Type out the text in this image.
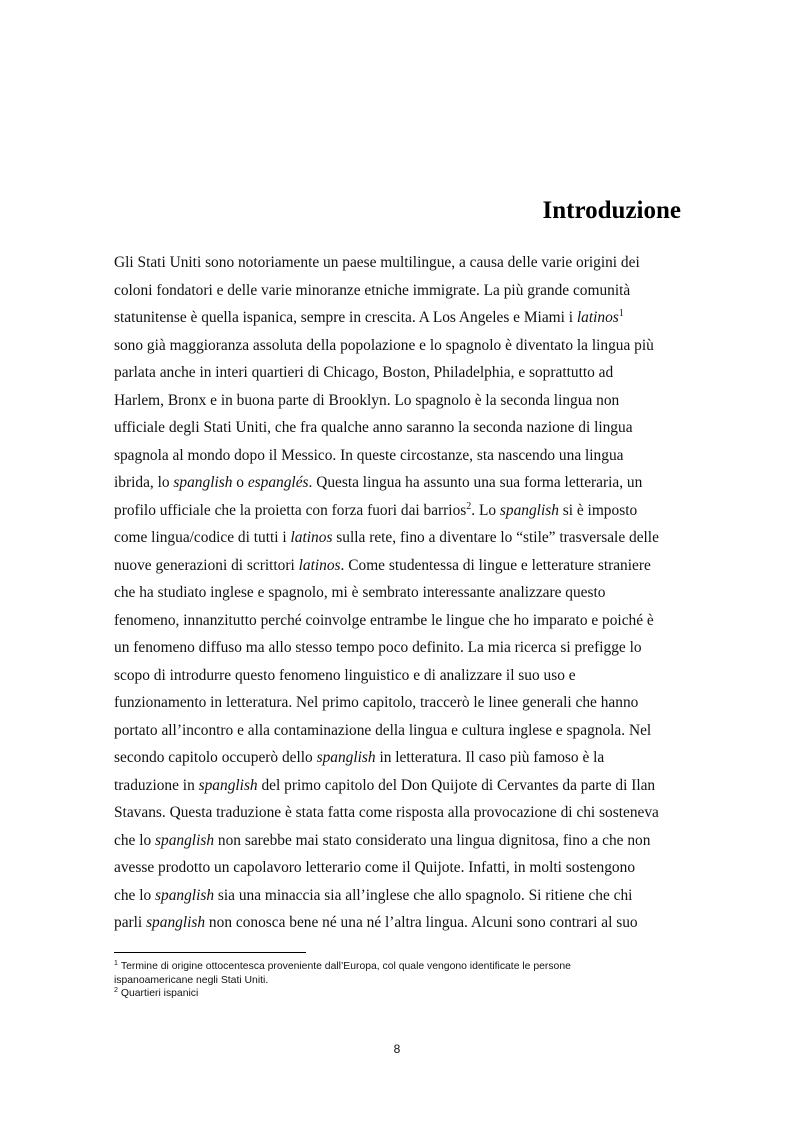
Introduzione
Gli Stati Uniti sono notoriamente un paese multilingue, a causa delle varie origini dei
coloni fondatori e delle varie minoranze etniche immigrate. La più grande comunità
statunitense è quella ispanica, sempre in crescita. A Los Angeles e Miami i latinos$^1$
sono già maggioranza assoluta della popolazione e lo spagnolo è diventato la lingua più
parlata anche in interi quartieri di Chicago, Boston, Philadelphia, e soprattutto ad
Harlem, Bronx e in buona parte di Brooklyn. Lo spagnolo è la seconda lingua non
ufficiale degli Stati Uniti, che fra qualche anno saranno la seconda nazione di lingua
spagnola al mondo dopo il Messico. In queste circostanze, sta nascendo una lingua
ibrida, lo spanglish o espanglés. Questa lingua ha assunto una sua forma letteraria, un
profilo ufficiale che la proietta con forza fuori dai barrios$^2$. Lo spanglish si è imposto
come lingua/codice di tutti i latinos sulla rete, fino a diventare lo “stile” trasversale delle
nuove generazioni di scrittori latinos. Come studentessa di lingue e letterature straniere
che ha studiato inglese e spagnolo, mi è sembrato interessante analizzare questo
fenomeno, innanzitutto perché coinvolge entrambe le lingue che ho imparato e poiché è
un fenomeno diffuso ma allo stesso tempo poco definito. La mia ricerca si prefigge lo
scopo di introdurre questo fenomeno linguistico e di analizzare il suo uso e
funzionamento in letteratura. Nel primo capitolo, traccerò le linee generali che hanno
portato all’incontro e alla contaminazione della lingua e cultura inglese e spagnola. Nel
secondo capitolo occuperò dello spanglish in letteratura. Il caso più famoso è la
traduzione in spanglish del primo capitolo del Don Quijote di Cervantes da parte di Ilan
Stavans. Questa traduzione è stata fatta come risposta alla provocazione di chi sosteneva
che lo spanglish non sarebbe mai stato considerato una lingua dignitosa, fino a che non
avesse prodotto un capolavoro letterario come il Quijote. Infatti, in molti sostengono
che lo spanglish sia una minaccia sia all’inglese che allo spagnolo. Si ritiene che chi
parli spanglish non conosca bene né una né l’altra lingua. Alcuni sono contrari al suo
$^1$ Termine di origine ottocentesca proveniente dall’Europa, col quale vengono identificate le persone
ispanoamericane negli Stati Uniti.
$^2$ Quartieri ispanici
8
